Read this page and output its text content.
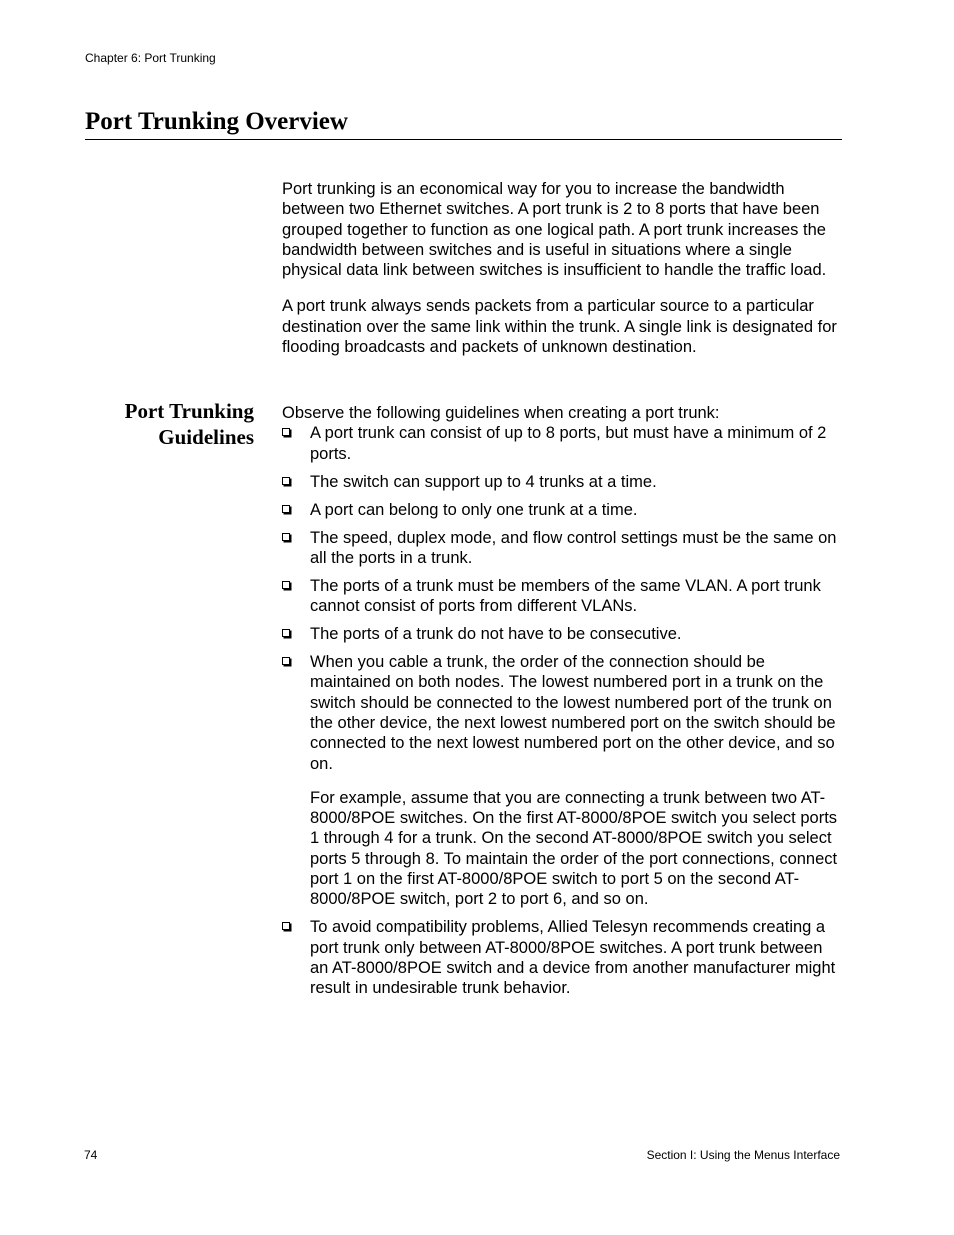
Chapter 6: Port Trunking
Port Trunking Overview

Port trunking is an economical way for you to increase the bandwidth between two Ethernet switches. A port trunk is 2 to 8 ports that have been grouped together to function as one logical path. A port trunk increases the bandwidth between switches and is useful in situations where a single physical data link between switches is insufficient to handle the traffic load.

A port trunk always sends packets from a particular source to a particular destination over the same link within the trunk. A single link is designated for flooding broadcasts and packets of unknown destination.

Port Trunking
Guidelines

Observe the following guidelines when creating a port trunk:

A port trunk can consist of up to 8 ports, but must have a minimum of 2 ports.
The switch can support up to 4 trunks at a time.
A port can belong to only one trunk at a time.
The speed, duplex mode, and flow control settings must be the same on all the ports in a trunk.
The ports of a trunk must be members of the same VLAN. A port trunk cannot consist of ports from different VLANs.
The ports of a trunk do not have to be consecutive.
When you cable a trunk, the order of the connection should be maintained on both nodes. The lowest numbered port in a trunk on the switch should be connected to the lowest numbered port of the trunk on the other device, the next lowest numbered port on the switch should be connected to the next lowest numbered port on the other device, and so on.
For example, assume that you are connecting a trunk between two AT-8000/8POE switches. On the first AT-8000/8POE switch you select ports 1 through 4 for a trunk. On the second AT-8000/8POE switch you select ports 5 through 8. To maintain the order of the port connections, connect port 1 on the first AT-8000/8POE switch to port 5 on the second AT-8000/8POE switch, port 2 to port 6, and so on.
To avoid compatibility problems, Allied Telesyn recommends creating a port trunk only between AT-8000/8POE switches. A port trunk between an AT-8000/8POE switch and a device from another manufacturer might result in undesirable trunk behavior.
74	Section I: Using the Menus Interface
